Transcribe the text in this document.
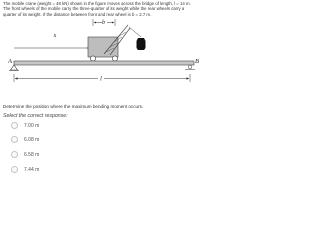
The mobile crane (weight = 48 kN) shown in the figure moves across the bridge of length, l = 14 m. The front wheels of the mobile carry the three-quarter of its weight while the rear wheels carry a quarter of its weight. If the distance between front and rear wheel is b = 2.7 m.
b
x
A	B
l
Determine the position where the maximum bending moment occurs.
Select the correct response:
7.00 m
6.08 m
6.58 m
7.44 m
